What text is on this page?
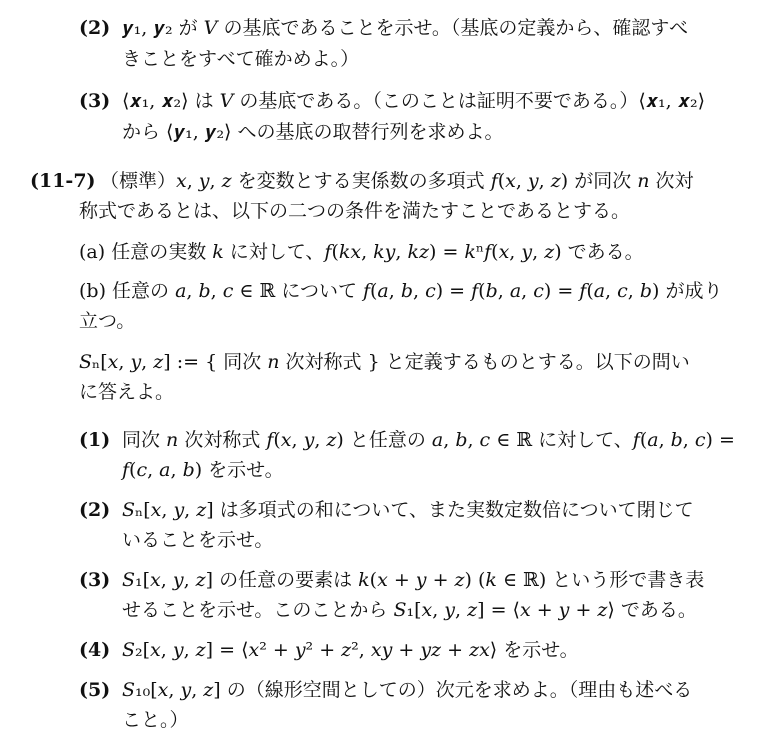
(2) 𝒚₁, 𝒚₂ が 𝑉 の基底であることを示せ。（基底の定義から、確認すべ
きことをすべて確かめよ。）
(3) ⟨𝒙₁, 𝒙₂⟩ は 𝑉 の基底である。（このことは証明不要である。）⟨𝒙₁, 𝒙₂⟩
から ⟨𝒚₁, 𝒚₂⟩ への基底の取替行列を求めよ。
(11-7) （標準）𝑥, 𝑦, 𝑧 を変数とする実係数の多項式 𝑓(𝑥, 𝑦, 𝑧) が同次 𝑛 次対
称式であるとは、以下の二つの条件を満たすことであるとする。
(a) 任意の実数 𝑘 に対して、𝑓(𝑘𝑥, 𝑘𝑦, 𝑘𝑧) = 𝑘ⁿ𝑓(𝑥, 𝑦, 𝑧) である。
(b) 任意の 𝑎, 𝑏, 𝑐 ∈ ℝ について 𝑓(𝑎, 𝑏, 𝑐) = 𝑓(𝑏, 𝑎, 𝑐) = 𝑓(𝑎, 𝑐, 𝑏) が成り
立つ。
𝑆ₙ[𝑥, 𝑦, 𝑧] := { 同次 𝑛 次対称式 } と定義するものとする。以下の問い
に答えよ。
(1) 同次 𝑛 次対称式 𝑓(𝑥, 𝑦, 𝑧) と任意の 𝑎, 𝑏, 𝑐 ∈ ℝ に対して、𝑓(𝑎, 𝑏, 𝑐) =
𝑓(𝑐, 𝑎, 𝑏) を示せ。
(2) 𝑆ₙ[𝑥, 𝑦, 𝑧] は多項式の和について、また実数定数倍について閉じて
いることを示せ。
(3) 𝑆₁[𝑥, 𝑦, 𝑧] の任意の要素は 𝑘(𝑥 + 𝑦 + 𝑧) (𝑘 ∈ ℝ) という形で書き表
せることを示せ。このことから 𝑆₁[𝑥, 𝑦, 𝑧] = ⟨𝑥 + 𝑦 + 𝑧⟩ である。
(4) 𝑆₂[𝑥, 𝑦, 𝑧] = ⟨𝑥² + 𝑦² + 𝑧², 𝑥𝑦 + 𝑦𝑧 + 𝑧𝑥⟩ を示せ。
(5) 𝑆₁₀[𝑥, 𝑦, 𝑧] の（線形空間としての）次元を求めよ。（理由も述べる
こと。）
